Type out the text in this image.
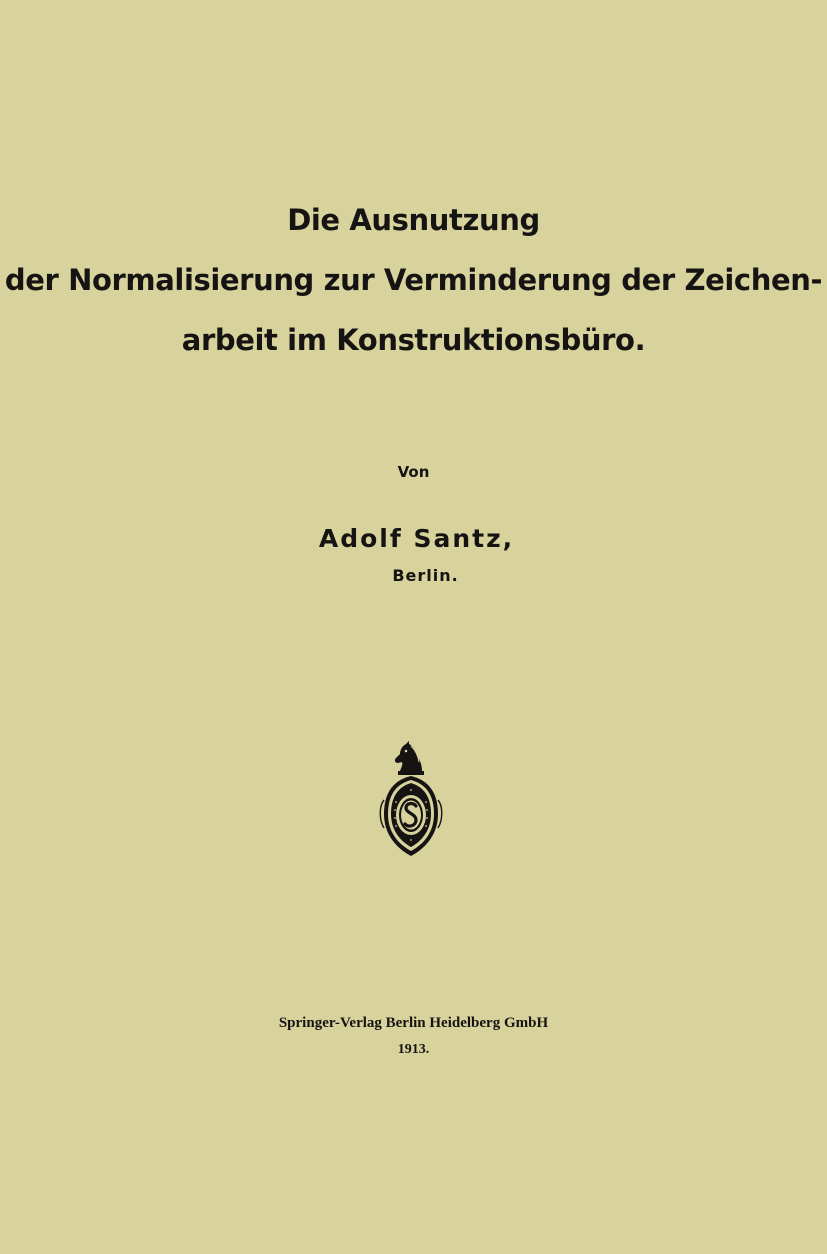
Die Ausnutzung
der Normalisierung zur Verminderung der Zeichen-
arbeit im Konstruktionsbüro.
Von
Adolf Santz,
Berlin.
Springer-Verlag Berlin Heidelberg GmbH
1913.
